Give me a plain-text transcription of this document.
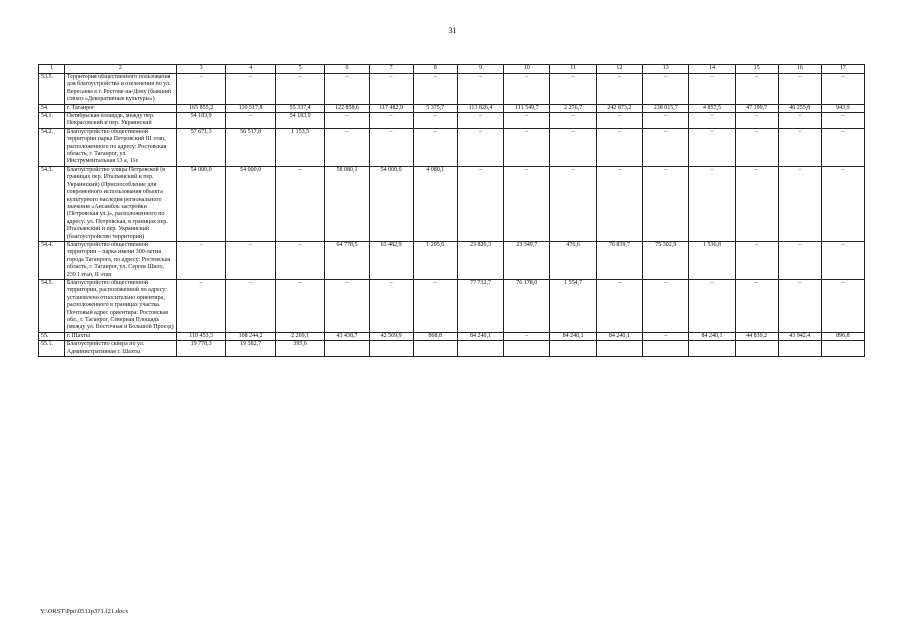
31
1	2	3	4	5	6	7	8	9	10	11	12	13	14	15	16	17
53.5.	Территория общественного пользования для благоустройства и озеленения по ул. Вересаева в г. Ростове-на-Дону (бывший совхоз «Декоративные культуры»)	–	–	–	–	–	–	–	–	–	–	–	–	–	–	–
54	г. Таганрог	165 855,2	110 517,8	55 337,4	122 858,6	117 482,9	5 375,7	113 826,4	111 549,7	2 276,7	242 873,2	238 015,7	4 857,5	47 199,7	46 255,8	943,9
54.1.	Октябрьская площадь, между пер. Некрасовский и пер. Украинский	54 183,9	–	54 183,9	–	–	–	–	–	–	–	–	–	–	–	–
54.2.	Благоустройство общественной территории парка Петровский III этап, расположенного по адресу: Ростовская область, г. Таганрог, ул. Инструментальная 13 а, 11е	57 671,3	56 517,8	1 153,5	–	–	–	–	–	–	–	–	–	–	–	–
54.3.	Благоустройство улицы Петровской (в границах пер. Итальянский и пер. Украинский) (Приспособление для современного использования объекта культурного наследия регионального значения «Ансамбль застройки (Петровская ул.)», расположенного по адресу: ул. Петровская, в границах пер. Итальянский и пер. Украинский (благоустройство территории)	54 000,0	54 000,0	–	58 080,1	54 000,0	4 080,1	–	–	–	–	–	–	–	–	–
54.4.	Благоустройство общественной территории – парка имени 300-летия города Таганрога, по адресу: Ростовская область, г. Таганрог, ул. Сергея Шило, 239 I этап, II этап	–	–	–	64 778,5	63 482,9	1 295,6	23 826,3	23 349,7	476,6	76 839,7	75 302,9	1 536,8	–	–	–
54.5.	Благоустройство общественной территории, расположенной по адресу: установлено относительно ориентира, расположенного в границах участка. Почтовый адрес ориентира: Ростовская обл., г. Таганрог, Северная Площадь (между ул. Восточная и Большой Проезд)	–	–	–	–	–	–	77 732,7	76 178,0	1 554,7	–	–	–	–	–	–
55.	г. Шахты	110 453,3	108 244,2	2 209,1	43 438,7	42 569,9	868,8	84 240,1	–	84 240,1	84 240,1	–	84 240,1	44 839,2	43 942,4	896,8
55.1.	Благоустройство сквера по ул. Административная г. Шахты	19 778,3	19 382,7	395,6												
Y:\ORST\Ppo\0511p371.f21.docx
